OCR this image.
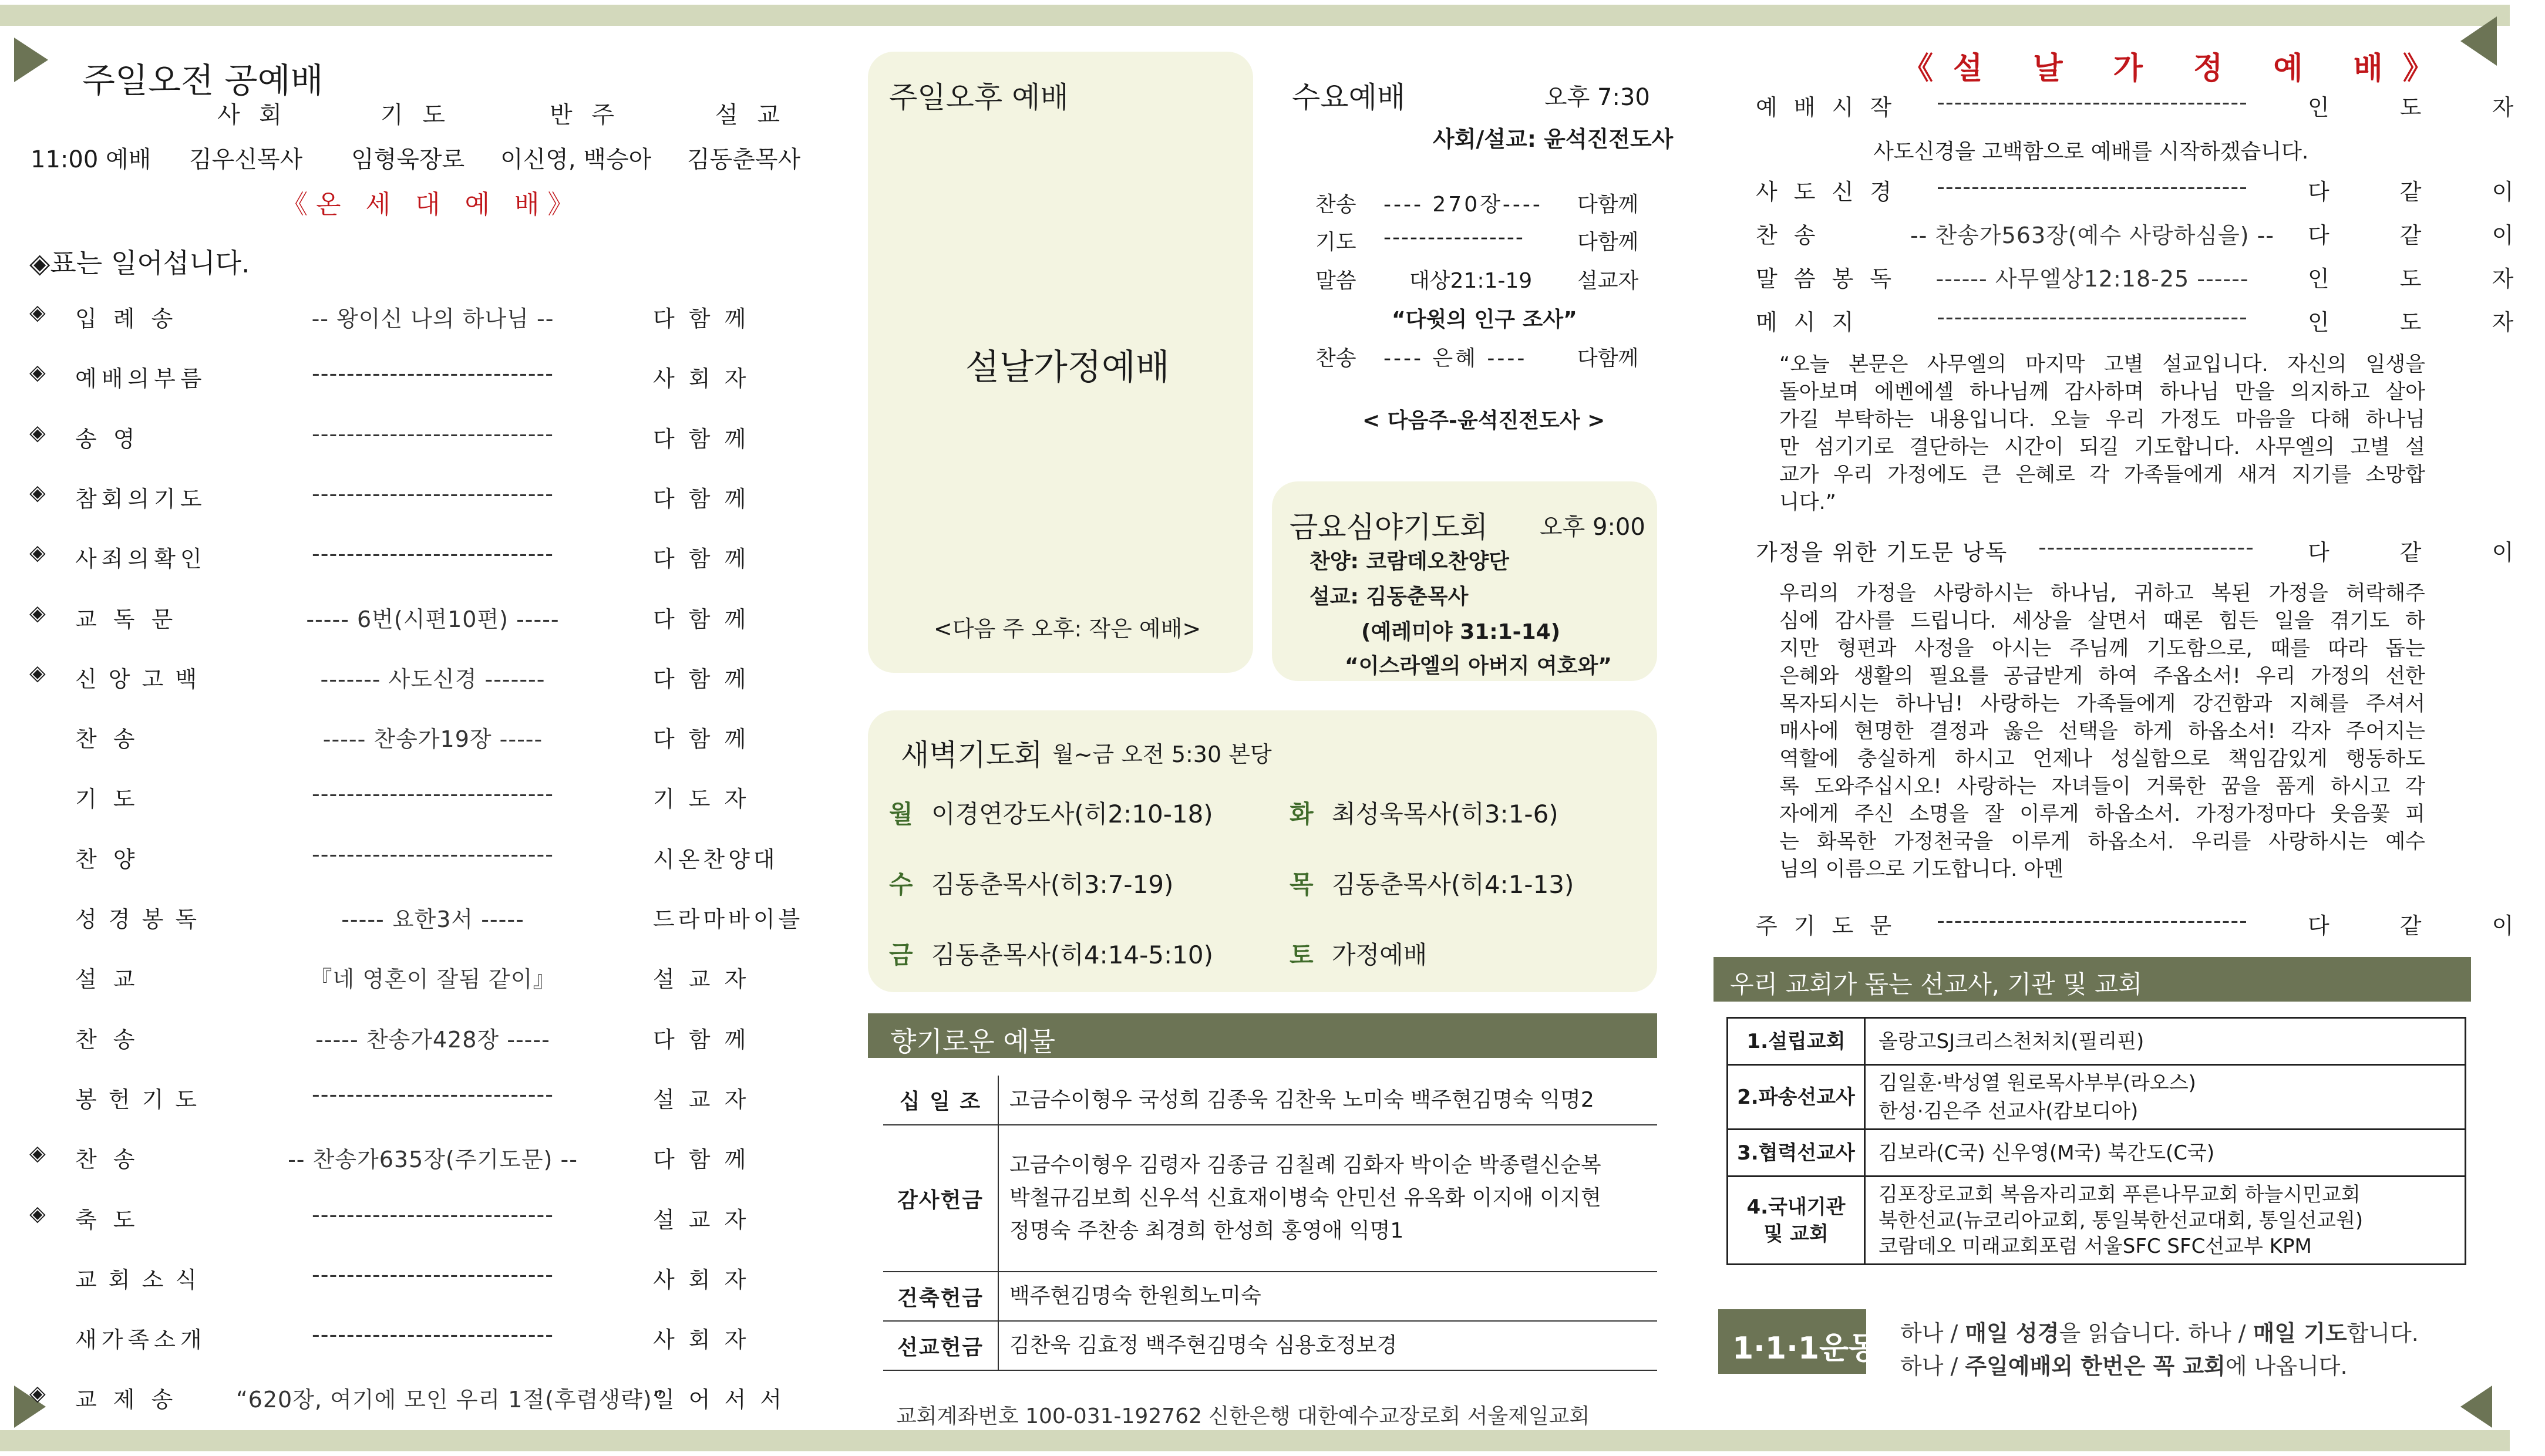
주일오전 공예배
사 회	기 도	반 주	설 교
11:00 예배 김우신목사 임형욱장로 이신영, 백승아 김동춘목사
《온 세 대 예 배》
◈표는 일어섭니다.
◈ 입 례 송	-- 왕이신 나의 하나님 --	다 함 께
◈ 예배의부름	----------------------------	사 회 자
◈ 송 영	----------------------------	다 함 께
◈ 참회의기도	----------------------------	다 함 께
◈ 사죄의확인	----------------------------	다 함 께
◈ 교 독 문	----- 6번(시편10편) -----	다 함 께
◈ 신 앙 고 백	------- 사도신경 -------	다 함 께
찬 송	----- 찬송가19장 -----	다 함 께
기 도	----------------------------	기 도 자
찬 양	----------------------------	시온찬양대
성 경 봉 독	----- 요한3서 -----	드라마바이블
설 교	『네 영혼이 잘됨 같이』	설 교 자
찬 송	----- 찬송가428장 -----	다 함 께
봉 헌 기 도	----------------------------	설 교 자
◈ 찬 송	-- 찬송가635장(주기도문) --	다 함 께
◈ 축 도	----------------------------	설 교 자
교 회 소 식	----------------------------	사 회 자
새가족소개	----------------------------	사 회 자
◈ 교 제 송	“620장, 여기에 모인 우리 1절(후렴생략)”
일 어 서 서
주일오후 예배
설날가정예배
<다음 주 오후: 작은 예배>
수요예배	오후 7:30
사회/설교: 윤석진전도사
찬송 ---- 270장---- 다함께
기도 ----------------	다함께
말씀	대상21:1-19 설교자
“다윗의 인구 조사”
찬송 ---- 은혜 ---- 다함께
< 다음주-윤석진전도사 >
금요심야기도회 오후 9:00
찬양: 코람데오찬양단
설교: 김동춘목사
(예레미야 31:1-14)
“이스라엘의 아버지 여호와”
새벽기도회 월~금 오전 5:30 본당
월 이경연강도사(히2:10-18)	화 최성욱목사(히3:1-6)
수 김동춘목사(히3:7-19)	목 김동춘목사(히4:1-13)
금 김동춘목사(히4:14-5:10)	토 가정예배
향기로운 예물
십 일 조	고금수이형우 국성희 김종욱 김찬욱 노미숙 백주현김명숙 익명2

감사헌금	고금수이형우 김령자 김종금 김칠례 김화자 박이순 박종렬신순복
박철규김보희 신우석 신효재이병숙 안민선 유옥화 이지애 이지현
정명숙 주찬송 최경희 한성희 홍영애 익명1

건축헌금	백주현김명숙 한원희노미숙

선교헌금	김찬욱 김효정 백주현김명숙 심용호정보경
교회계좌번호 100-031-192762 신한은행 대한예수교장로회 서울제일교회
《설 날 가 정 예 배》
예 배 시 작	------------------------------------	인 도 자
사 도 신 경	------------------------------------	다 같 이
찬 송	-- 찬송가563장(예수 사랑하심을) --	다 같 이
말 씀 봉 독	------ 사무엘상12:18-25 ------	인 도 자
메 시 지	------------------------------------	인 도 자
가정을 위한 기도문 낭독	-------------------------	다 같 이
주 기 도 문	------------------------------------	다 같 이
사도신경을 고백함으로 예배를 시작하겠습니다.
“오늘 본문은 사무엘의 마지막 고별 설교입니다. 자신의 일생을
돌아보며 에벤에셀 하나님께 감사하며 하나님 만을 의지하고 살아
가길 부탁하는 내용입니다. 오늘 우리 가정도 마음을 다해 하나님
만 섬기기로 결단하는 시간이 되길 기도합니다. 사무엘의 고별 설
교가 우리 가정에도 큰 은혜로 각 가족들에게 새겨 지기를 소망합
니다.”
우리의 가정을 사랑하시는 하나님, 귀하고 복된 가정을 허락해주
심에 감사를 드립니다. 세상을 살면서 때론 힘든 일을 겪기도 하
지만 형편과 사정을 아시는 주님께 기도함으로, 때를 따라 돕는
은혜와 생활의 필요를 공급받게 하여 주옵소서! 우리 가정의 선한
목자되시는 하나님! 사랑하는 가족들에게 강건함과 지혜를 주셔서
매사에 현명한 결정과 옳은 선택을 하게 하옵소서! 각자 주어지는
역할에 충실하게 하시고 언제나 성실함으로 책임감있게 행동하도
록 도와주십시오! 사랑하는 자녀들이 거룩한 꿈을 품게 하시고 각
자에게 주신 소명을 잘 이루게 하옵소서. 가정가정마다 웃음꽃 피
는 화목한 가정천국을 이루게 하옵소서. 우리를 사랑하시는 예수
님의 이름으로 기도합니다. 아멘
우리 교회가 돕는 선교사, 기관 및 교회
1.설립교회	올랑고SJ크리스천처치(필리핀)

2.파송선교사	김일훈·박성열 원로목사부부(라오스)
한성·김은주 선교사(캄보디아)

3.협력선교사	김보라(C국) 신우영(M국) 북간도(C국)

4.국내기관 및 교회	김포장로교회 복음자리교회 푸른나무교회 하늘시민교회
북한선교(뉴코리아교회, 통일북한선교대회, 통일선교원)
코람데오 미래교회포럼 서울SFC SFC선교부 KPM
1·1·1운동 하나 / 매일 성경을 읽습니다. 하나 / 매일 기도합니다.
하나 / 주일예배외 한번은 꼭 교회에 나옵니다.
